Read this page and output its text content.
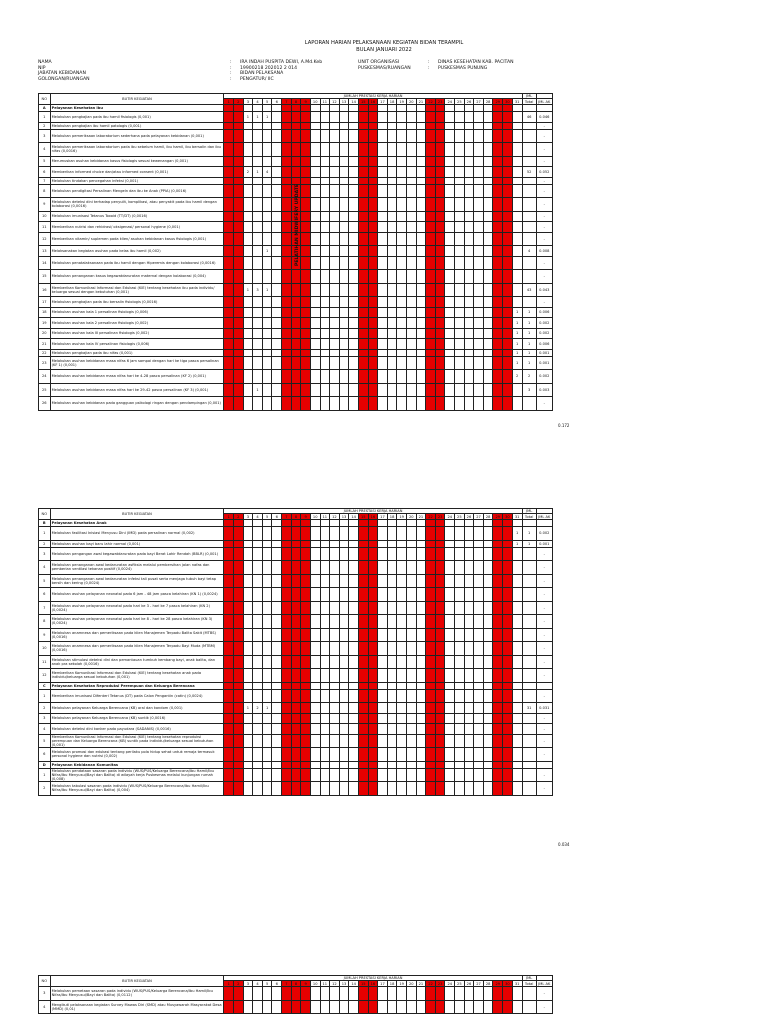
LAPORAN HARIAN PELAKSANAAN KEGIATAN BIDAN TERAMPIL
BULAN JANUARI 2022
NAMA	: IRA INDAH PUSPITA DEWI, A.Md.Keb
NIP	: 19900218 202012 2 014
JABATAN KEBIDANAN	: BIDAN PELAKSANA
GOLONGAN/RUANGAN	: PENGATUR/ IIC
UNIT ORGANISASI	: DINAS KESEHATAN KAB. PACITAN
PUSKESMAS/RUANGAN	: PUSKESMAS PUNUNG
NO	BUTIR KEGIATAN	JUMLAH PRESTASI KERJA HARIAN																															JML	
		1	2	3	4	5	6	7	8	9	10	11	12	13	14	15	16	17	18	19	20	21	22	23	24	25	26	27	28	29	30	31	Total	JML AK
A	Pelayanan Kesehatan Ibu																																	
1	Melakukan pengkajian pada ibu hamil fisiologis (0,001)			1	1	1																											46	0.046
2	Melakukan pengkajian ibu hamil patologis (0,001)																																	-
3	Melakukan pemeriksaan laboratorium sederhana pada pelayanan kebidanan (0,001)																																	-
4	Melakukan pemeriksaan laboratorium pada ibu sebelum hamil, ibu hamil, ibu bersalin dan ibu nifas (0,0016)																																	-
5	Merumuskan asuhan kebidanan kasus fisiologis sesuai kewenangan (0,001)																																	-
6	Memberikan informed choice dan/atau informed consent (0,001)			2	1	4																											52	0.052
7	Melakukan tindakan pencegahan infeksi (0,001)																																	-
8	Melakukan pendigitasi Persalinan Mengeln dan ibu ke Anak (PPIA) (0,0016)																																	-
9	Melakukan deteksi dini terhadap penyulit, komplikasi, atau penyakit pada ibu hamil dengan kolaborasi (0,0016)																																	-
10	Melakukan imunisasi Tetanus Toxoid (TT/DT) (0,0016)																																	-
11	Memberikan nutrisi dan rehidrasi/ oksigenasi/ personal hygiene (0,001)																																	-
12	Memberikan vitamin/ suplemen pada klien/ asuhan kebidanan kasus fisiologis (0,001)																																	-
13	Melaksanakan kegiatan asuhan pada kelas ibu hamil (0,002)					1																											4	0.008
14	Melakukan penatalaksanaan pada ibu hamil dengan Hiperemis dengan kolaborasi (0,0016)																																	-
15	Melakukan penanganan kasus kegawatdaruratan maternal dengan kolaborasi (0,004)																																	-
16	Memberikan Komunikasi Informasi dan Edukasi (KIE) tentang kesehatan ibu pada individu/ keluarga sesuai dengan kebutuhan (0,001)			1	3	1																											43	0.043
17	Melakukan pengkajian pada ibu bersalin fisiologis (0,0016)																																	-
18	Melakukan asuhan kala 1 persalinan fisiologis (0,006)																															1	1	0.006
19	Melakukan asuhan kala 2 persalinan fisiologis (0,002)																															1	1	0.002
20	Melakukan asuhan kala III persalinan fisiologis (0,002)																															1	1	0.002
21	Melakukan asuhan kala IV persalinan fisiologis (0,006)																															1	1	0.006
22	Melakukan pengkajian pada ibu nifas (0,001)																															1	1	0.001
23	Melakukan asuhan kebidanan masa nifas 6 jam sampai dengan hari ke tiga pasca persalinan (KF 1) (0,001)																															1	1	0.001
24	Melakukan asuhan kebidanan masa nifas hari ke 4-28 pasca persalinan (KF 2) (0,001)																															2	2	0.002
25	Melakukan asuhan kebidanan masa nifas hari ke 29-42 pasca persalinan (KF 3) (0,001)				1																												3	0.003
26	Melakukan asuhan kebidanan pada gangguan psikologi ringan dengan pendampingan (0,001)																																	-
0.172
PELATIHAN MIDWIFERY UPDATE
NO	BUTIR KEGIATAN	JUMLAH PRESTASI KERJA HARIAN																															JML	
		1	2	3	4	5	6	7	8	9	10	11	12	13	14	15	16	17	18	19	20	21	22	23	24	25	26	27	28	29	30	31	Total	JML AK
B	Pelayanan Kesehatan Anak																																	
1	Melakukan fasilitasi Inisiasi Menyusu Dini (IMD) pada persalinan normal (0,002)																															1	1	0.002
2	Melakukan asuhan bayi baru lahir normal (0,001)																															1	1	0.001
3	Melakukan pengangan awal kegawatdaruratan pada bayi Berat Lahir Rendah (BBLR) (0,001)																																	-
4	Melakukan penanganan awal kedaruratan asfiksia melalui pembersihan jalan nafas dan pemberian ventilasi tekanan positif (0,0024)																																	-
5	Melakukan penanganan awal kedaruratan infeksi tali pusat serta menjaga tubuh bayi tetap bersih dan kering (0,0024)																																	-
6	Melakukan asuhan pelayanan neonatal pada 6 jam - 48 jam pasca kelahiran (KN 1) (0,0024)																																	-
7	Melakukan asuhan pelayanan neonatal pada hari ke 3 - hari ke 7 pasca kelahiran (KN 2) (0,0024)																																	-
8	Melakukan asuhan pelayanan neonatal pada hari ke 8 - hari ke 28 pasca kelahiran (KN 3) (0,0024)																																	-
9	Melakukan anamnesa dan pemeriksaan pada klien Manajemen Terpadu Balita Sakit (MTBS) (0,0016)																																	-
10	Melakukan anamnesa dan pemeriksaan pada klien Manajemen Terpadu Bayi Muda (MTBM) (0,0016)																																	-
11	Melakukan stimulasi deteksi dini dan pemantauan tumbuh kembang bayi, anak balita, dan anak pra sekolah (0,0016)																																	-
12	Memberikan Komunikasi Informasi dan Edukasi (KIE) tentang kesehatan anak pada individu/keluarga sesuai kebutuhan (0,001)																																	-
C	Pelayanan Kesehatan Reproduksi Perempuan dan Keluarga Berencana																																	
1	Memberikan imunisasi Difenteri Tetanus (DT) pada Calon Pengantin (catin) (0,0024)																																	-
2	Melakukan pelayanan Keluarga Berencana (KB) oral dan kondom (0,001)			1	2	1																											31	0.031
3	Melakukan pelayanan Keluarga Berencana (KB) suntik (0,0016)																																	-
4	Melakukan deteksi dini kanker pada payudara (SADANIS) (0,0016)																																	-
5	Memberikan Komunikasi Informasi dan Edukasi (KIE) tentang kesehatan reproduksi perempuan dan Keluarga Berencana (KB) suntik pada individu/keluarga sesuai kebutuhan (0,001)																																	-
6	Melakukan promosi dan edukasi tentang perilaku pola hidup sehat untuk remaja termasuk personal hygiene dan nutrisi (0,002)																																	-
D	Pelayanan Kebidanan Komunitas																																	
1	Melakukan pendataan sasaran pada individu (WUS/PUS/Keluarga Berencana/Ibu Hamil/Ibu Nifas/Ibu Menyusui/Bayi dan Balita) di wilayah kerja Puskesmas melalui kunjungan rumah (0,008)																																	-
2	Melakukan tabulasi sasaran pada individu (WUS/PUS/Keluarga Berencana/Ibu Hamil/Ibu Nifas/Ibu Menyusui/Bayi dan Balita) (0,004)																																	-
0.034
NO	BUTIR KEGIATAN	JUMLAH PRESTASI KERJA HARIAN																															JML	
		1	2	3	4	5	6	7	8	9	10	11	12	13	14	15	16	17	18	19	20	21	22	23	24	25	26	27	28	29	30	31	Total	JML AK
3	Melakukan pemetaan sasaran pada individu (WUS/PUS/Keluarga Berencana/Ibu Hamil/Ibu Nifas/Ibu Menyusui/Bayi dan Balita) (0,0112)																																	-
4	Mengikuti pelaksanaan kegiatan Survey Mawas Diri (SMD) atau Musyawarah Masyarakat Desa (MMD) (0,01)																																	-
